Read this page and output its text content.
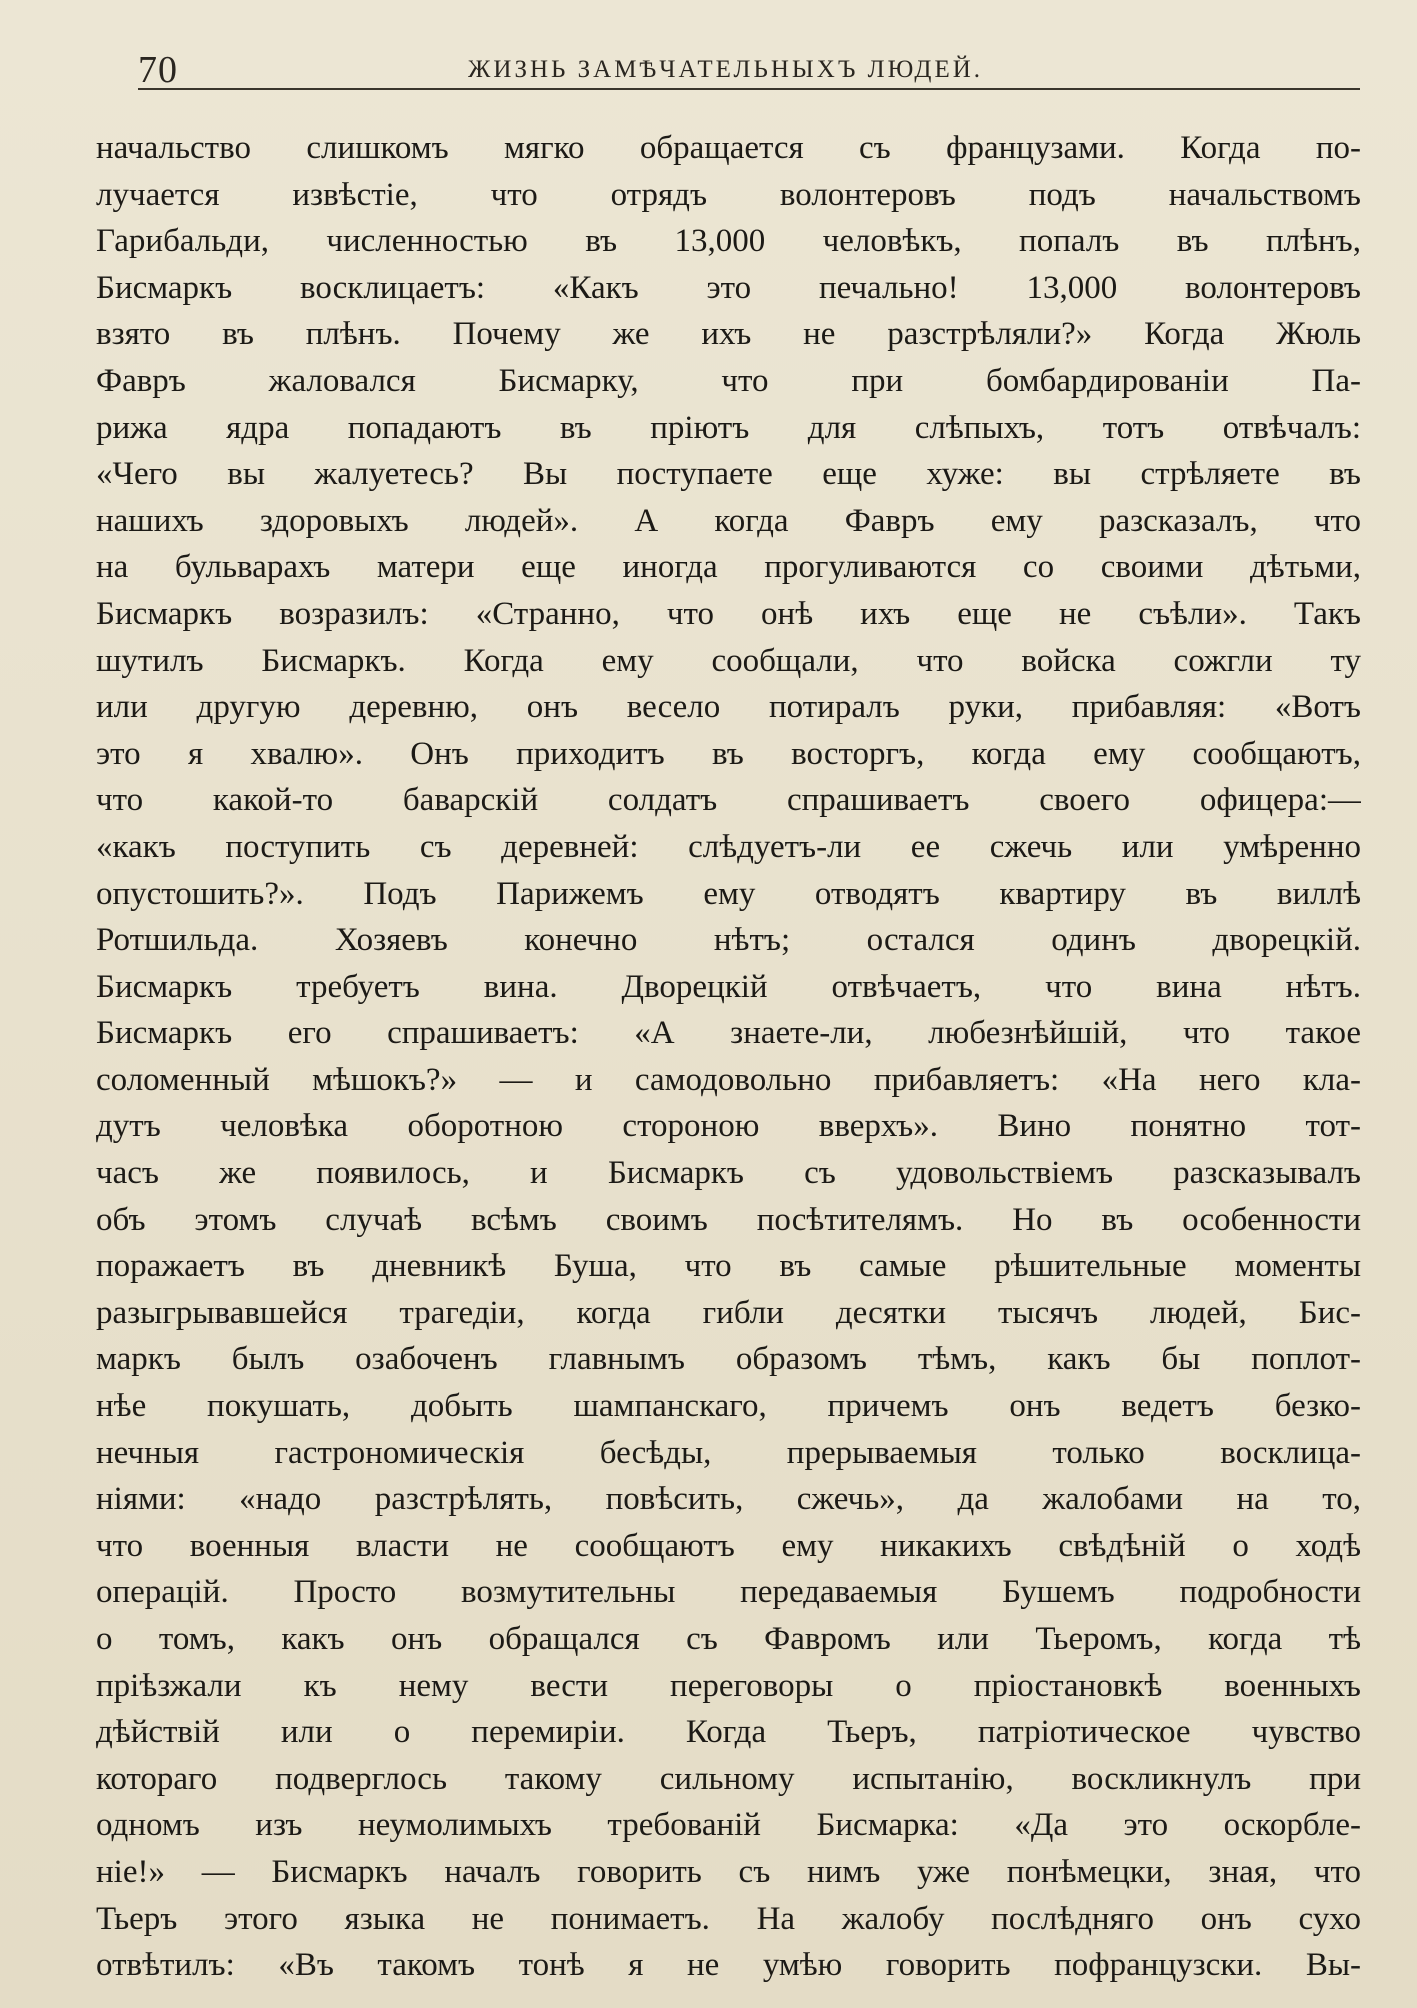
70	ЖИЗНЬ ЗАМѢЧАТЕЛЬНЫХЪ ЛЮДЕЙ.
начальство слишкомъ мягко обращается съ французами. Когда по-
лучается извѣстіе, что отрядъ волонтеровъ подъ начальствомъ
Гарибальди, численностью въ 13,000 человѣкъ, попалъ въ плѣнъ,
Бисмаркъ восклицаетъ: «Какъ это печально! 13,000 волонтеровъ
взято въ плѣнъ. Почему же ихъ не разстрѣляли?» Когда Жюль
Фавръ жаловался Бисмарку, что при бомбардированіи Па-
рижа ядра попадаютъ въ пріютъ для слѣпыхъ, тотъ отвѣчалъ:
«Чего вы жалуетесь? Вы поступаете еще хуже: вы стрѣляете въ
нашихъ здоровыхъ людей». А когда Фавръ ему разсказалъ, что
на бульварахъ матери еще иногда прогуливаются со своими дѣтьми,
Бисмаркъ возразилъ: «Странно, что онѣ ихъ еще не съѣли». Такъ
шутилъ Бисмаркъ. Когда ему сообщали, что войска сожгли ту
или другую деревню, онъ весело потиралъ руки, прибавляя: «Вотъ
это я хвалю». Онъ приходитъ въ восторгъ, когда ему сообщаютъ,
что какой-то баварскій солдатъ спрашиваетъ своего офицера:—
«какъ поступить съ деревней: слѣдуетъ-ли ее сжечь или умѣренно
опустошить?». Подъ Парижемъ ему отводятъ квартиру въ виллѣ
Ротшильда. Хозяевъ конечно нѣтъ; остался одинъ дворецкій.
Бисмаркъ требуетъ вина. Дворецкій отвѣчаетъ, что вина нѣтъ.
Бисмаркъ его спрашиваетъ: «А знаете-ли, любезнѣйшій, что такое
соломенный мѣшокъ?» — и самодовольно прибавляетъ: «На него кла-
дутъ человѣка оборотною стороною вверхъ». Вино понятно тот-
часъ же появилось, и Бисмаркъ съ удовольствіемъ разсказывалъ
объ этомъ случаѣ всѣмъ своимъ посѣтителямъ. Но въ особенности
поражаетъ въ дневникѣ Буша, что въ самые рѣшительные моменты
разыгрывавшейся трагедіи, когда гибли десятки тысячъ людей, Бис-
маркъ былъ озабоченъ главнымъ образомъ тѣмъ, какъ бы поплот-
нѣе покушать, добыть шампанскаго, причемъ онъ ведетъ безко-
нечныя гастрономическія бесѣды, прерываемыя только восклица-
ніями: «надо разстрѣлять, повѣсить, сжечь», да жалобами на то,
что военныя власти не сообщаютъ ему никакихъ свѣдѣній о ходѣ
операцій. Просто возмутительны передаваемыя Бушемъ подробности
о томъ, какъ онъ обращался съ Фавромъ или Тьеромъ, когда тѣ
пріѣзжали къ нему вести переговоры о пріостановкѣ военныхъ
дѣйствій или о перемиріи. Когда Тьеръ, патріотическое чувство
котораго подверглось такому сильному испытанію, воскликнулъ при
одномъ изъ неумолимыхъ требованій Бисмарка: «Да это оскорбле-
ніе!» — Бисмаркъ началъ говорить съ нимъ уже понѣмецки, зная, что
Тьеръ этого языка не понимаетъ. На жалобу послѣдняго онъ сухо
отвѣтилъ: «Въ такомъ тонѣ я не умѣю говорить пофранцузски. Вы-
